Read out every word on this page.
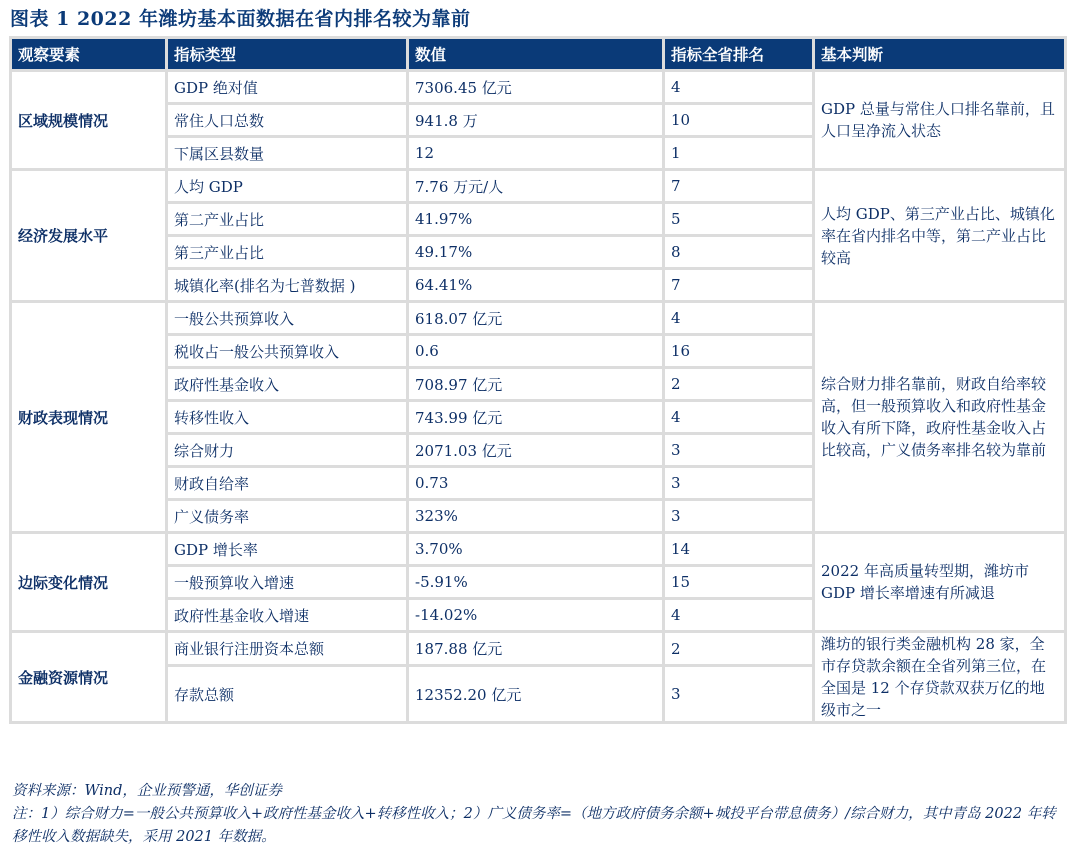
图表 1 2022 年潍坊基本面数据在省内排名较为靠前
观察要素	指标类型	数值	指标全省排名	基本判断
区域规模情况	GDP 绝对值	7306.45 亿元	4	GDP 总量与常住人口排名靠前，且人口呈净流入状态
	常住人口总数	941.8 万	10	
	下属区县数量	12	1	
经济发展水平	人均 GDP	7.76 万元/人	7	人均 GDP、第三产业占比、城镇化率在省内排名中等，第二产业占比较高
	第二产业占比	41.97%	5	
	第三产业占比	49.17%	8	
	城镇化率(排名为七普数据 )	64.41%	7	
财政表现情况	一般公共预算收入	618.07 亿元	4	综合财力排名靠前，财政自给率较高，但一般预算收入和政府性基金收入有所下降，政府性基金收入占比较高，广义债务率排名较为靠前
	税收占一般公共预算收入	0.6	16	
	政府性基金收入	708.97 亿元	2	
	转移性收入	743.99 亿元	4	
	综合财力	2071.03 亿元	3	
	财政自给率	0.73	3	
	广义债务率	323%	3	
边际变化情况	GDP 增长率	3.70%	14	2022 年高质量转型期，潍坊市 GDP 增长率增速有所减退
	一般预算收入增速	-5.91%	15	
	政府性基金收入增速	-14.02%	4	
金融资源情况	商业银行注册资本总额	187.88 亿元	2	潍坊的银行类金融机构 28 家，全市存贷款余额在全省列第三位，在全国是 12 个存贷款双获万亿的地级市之一
	存款总额	12352.20 亿元	3	
资料来源：Wind，企业预警通，华创证券
注：1）综合财力=一般公共预算收入+政府性基金收入+转移性收入；2）广义债务率=（地方政府债务余额+城投平台带息债务）/综合财力，其中青岛 2022 年转移性收入数据缺失，采用 2021 年数据。
